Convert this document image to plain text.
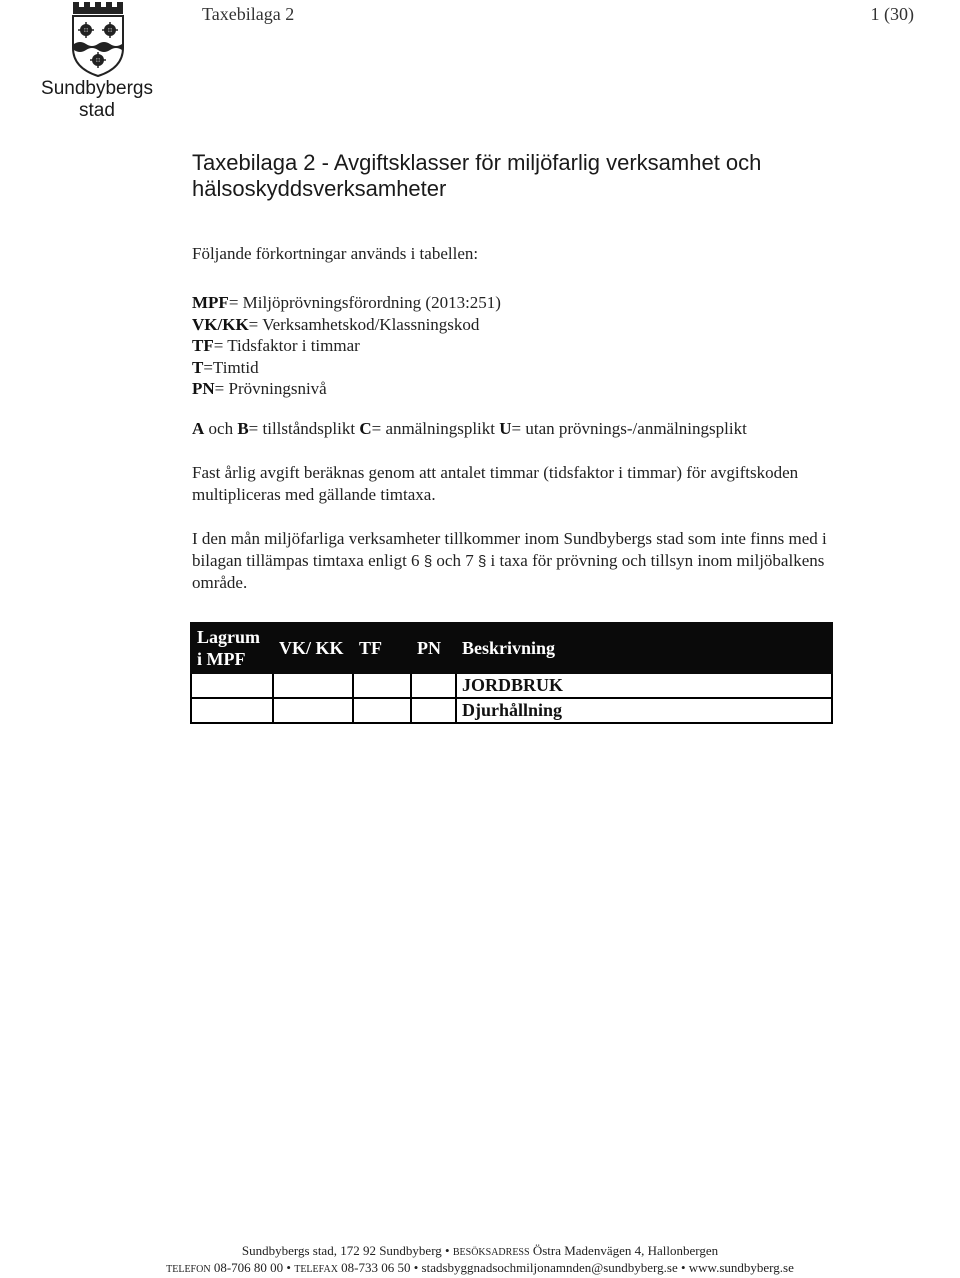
Taxebilaga 2	1 (30)
Sundbybergs
stad
Taxebilaga 2 - Avgiftsklasser för miljöfarlig verksamhet och hälsoskyddsverksamheter
Följande förkortningar används i tabellen:
MPF= Miljöprövningsförordning (2013:251)
VK/KK= Verksamhetskod/Klassningskod
TF= Tidsfaktor i timmar
T=Timtid
PN= Prövningsnivå
A och B= tillståndsplikt C= anmälningsplikt U= utan prövnings-/anmälningsplikt
Fast årlig avgift beräknas genom att antalet timmar (tidsfaktor i timmar) för avgiftskoden multipliceras med gällande timtaxa.
I den mån miljöfarliga verksamheter tillkommer inom Sundbybergs stad som inte finns med i bilagan tillämpas timtaxa enligt 6 § och 7 § i taxa för prövning och tillsyn inom miljöbalkens område.
Lagrum i MPF	VK/ KK	TF	PN	Beskrivning
				JORDBRUK
				Djurhållning
Sundbybergs stad, 172 92 Sundbyberg • BESÖKSADRESS Östra Madenvägen 4, Hallonbergen
TELEFON 08-706 80 00 • TELEFAX 08-733 06 50 • stadsbyggnadsochmiljonamnden@sundbyberg.se • www.sundbyberg.se
